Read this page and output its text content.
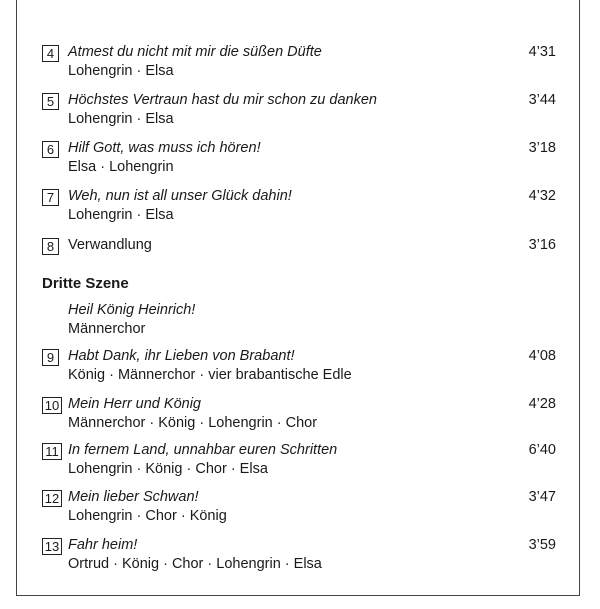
4 Atmest du nicht mit mir die süßen Düfte
Lohengrin · Elsa
4’31
5 Höchstes Vertraun hast du mir schon zu danken
Lohengrin · Elsa
3’44
6 Hilf Gott, was muss ich hören!
Elsa · Lohengrin
3’18
7 Weh, nun ist all unser Glück dahin!
Lohengrin · Elsa
4’32
8 Verwandlung	3’16
Dritte Szene
Heil König Heinrich!
Männerchor
9 Habt Dank, ihr Lieben von Brabant!
König · Männerchor · vier brabantische Edle
4’08
10 Mein Herr und König
Männerchor · König · Lohengrin · Chor
4’28
11 In fernem Land, unnahbar euren Schritten
Lohengrin · König · Chor · Elsa
6’40
12 Mein lieber Schwan!
Lohengrin · Chor · König
3’47
13 Fahr heim!
Ortrud · König · Chor · Lohengrin · Elsa
3’59
